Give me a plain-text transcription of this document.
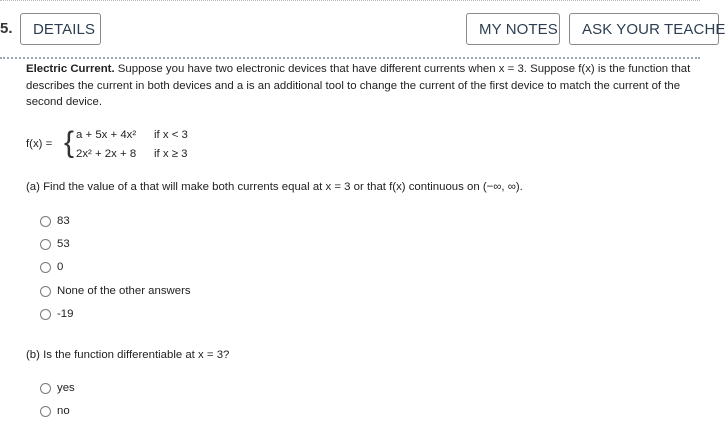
5.	DETAILS	MY NOTES	ASK YOUR TEACHE
Electric Current. Suppose you have two electronic devices that have different currents when x = 3. Suppose f(x) is the function that describes the current in both devices and a is an additional tool to change the current of the first device to match the current of the second device.
f(x) = { a + 5x + 4x² if x < 3
2x² + 2x + 8 if x ≥ 3
(a) Find the value of a that will make both currents equal at x = 3 or that f(x) continuous on (−∞, ∞).
83
53
0
None of the other answers
-19
(b) Is the function differentiable at x = 3?
yes
no
